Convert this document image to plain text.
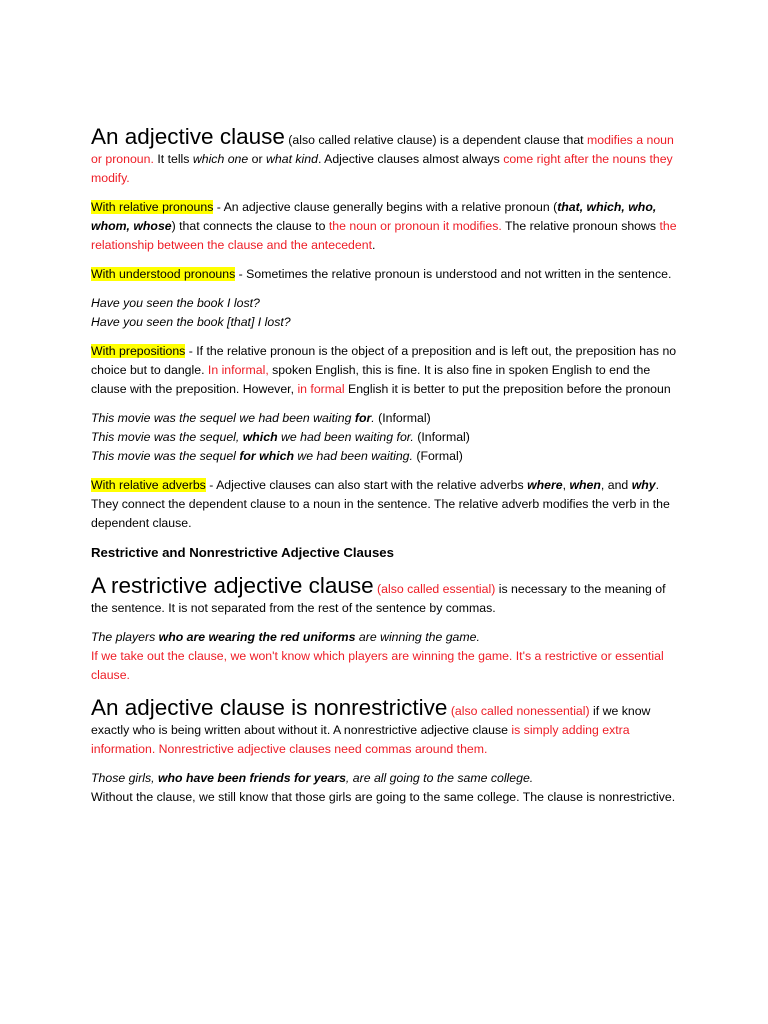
An adjective clause (also called relative clause) is a dependent clause that modifies a noun or pronoun. It tells which one or what kind. Adjective clauses almost always come right after the nouns they modify.

With relative pronouns - An adjective clause generally begins with a relative pronoun (that, which, who, whom, whose) that connects the clause to the noun or pronoun it modifies. The relative pronoun shows the relationship between the clause and the antecedent.

With understood pronouns - Sometimes the relative pronoun is understood and not written in the sentence.

Have you seen the book I lost?
Have you seen the book [that] I lost?

With prepositions - If the relative pronoun is the object of a preposition and is left out, the preposition has no choice but to dangle. In informal, spoken English, this is fine. It is also fine in spoken English to end the clause with the preposition. However, in formal English it is better to put the preposition before the pronoun

This movie was the sequel we had been waiting for. (Informal)
This movie was the sequel, which we had been waiting for. (Informal)
This movie was the sequel for which we had been waiting. (Formal)

With relative adverbs - Adjective clauses can also start with the relative adverbs where, when, and why. They connect the dependent clause to a noun in the sentence. The relative adverb modifies the verb in the dependent clause.

Restrictive and Nonrestrictive Adjective Clauses

A restrictive adjective clause (also called essential) is necessary to the meaning of the sentence. It is not separated from the rest of the sentence by commas.

The players who are wearing the red uniforms are winning the game.
If we take out the clause, we won't know which players are winning the game. It's a restrictive or essential clause.

An adjective clause is nonrestrictive (also called nonessential) if we know exactly who is being written about without it. A nonrestrictive adjective clause is simply adding extra information. Nonrestrictive adjective clauses need commas around them.

Those girls, who have been friends for years, are all going to the same college.
Without the clause, we still know that those girls are going to the same college. The clause is nonrestrictive.
